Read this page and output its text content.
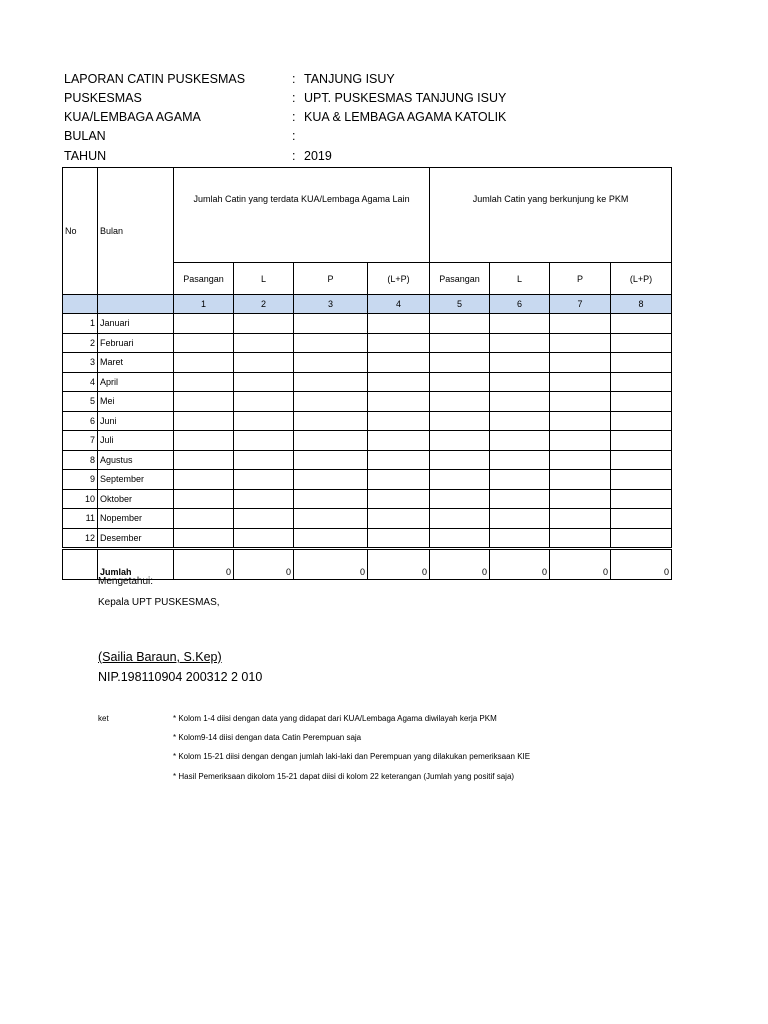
LAPORAN CATIN PUSKESMAS	: TANJUNG ISUY
PUSKESMAS	: UPT. PUSKESMAS TANJUNG ISUY
KUA/LEMBAGA AGAMA	: KUA & LEMBAGA AGAMA KATOLIK
BULAN	:
TAHUN	: 2019
No	Bulan	Jumlah Catin yang terdata KUA/Lembaga Agama Lain				Jumlah Catin yang berkunjung ke PKM			
		Pasangan	L	P	(L+P)	Pasangan	L	P	(L+P)
		1	2	3	4	5	6	7	8
1	Januari								
2	Februari								
3	Maret								
4	April								
5	Mei								
6	Juni								
7	Juli								
8	Agustus								
9	September								
10	Oktober								
11	Nopember								
12	Desember								
	Jumlah	0	0	0	0	0	0	0	0
Mengetahui:
Kepala UPT PUSKESMAS,
(Sailia Baraun, S.Kep)
NIP.198110904 200312 2 010
ket	* Kolom 1-4 diisi dengan data yang didapat dari KUA/Lembaga Agama diwilayah kerja PKM
* Kolom9-14 diisi dengan data Catin Perempuan saja
* Kolom 15-21 diisi dengan dengan jumlah laki-laki dan Perempuan yang dilakukan pemeriksaan KIE
* Hasil Pemeriksaan dikolom 15-21 dapat diisi di kolom 22 keterangan (Jumlah yang positif saja)
